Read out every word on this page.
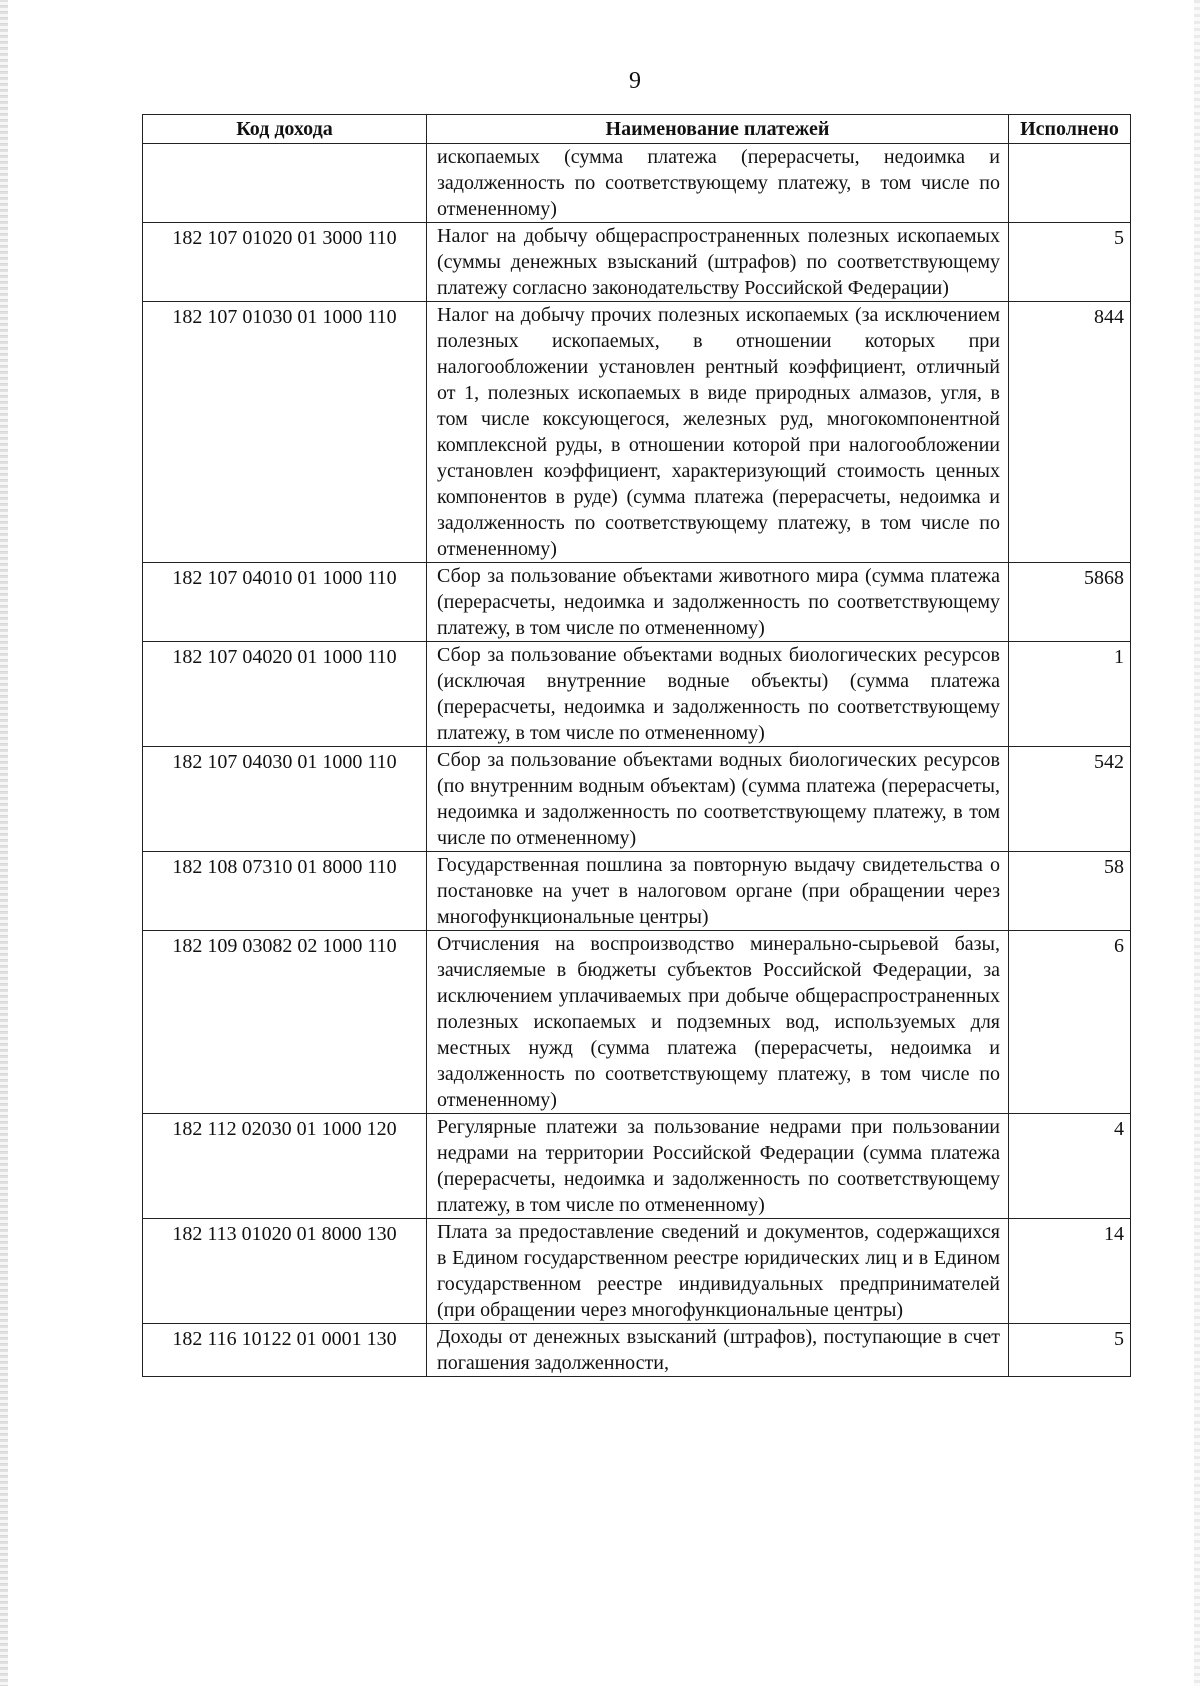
9
Код дохода	Наименование платежей	Исполнено
	ископаемых (сумма платежа (перерасчеты, недоимка и задолженность по соответствующему платежу, в том числе по отмененному)	
182 107 01020 01 3000 110	Налог на добычу общераспространенных полезных ископаемых (суммы денежных взысканий (штрафов) по соответствующему платежу согласно законодательству Российской Федерации)	5
182 107 01030 01 1000 110	Налог на добычу прочих полезных ископаемых (за исключением полезных ископаемых, в отношении которых при налогообложении установлен рентный коэффициент, отличный от 1, полезных ископаемых в виде природных алмазов, угля, в том числе коксующегося, железных руд, многокомпонентной комплексной руды, в отношении которой при налогообложении установлен коэффициент, характеризующий стоимость ценных компонентов в руде) (сумма платежа (перерасчеты, недоимка и задолженность по соответствующему платежу, в том числе по отмененному)	844
182 107 04010 01 1000 110	Сбор за пользование объектами животного мира (сумма платежа (перерасчеты, недоимка и задолженность по соответствующему платежу, в том числе по отмененному)	5868
182 107 04020 01 1000 110	Сбор за пользование объектами водных биологических ресурсов (исключая внутренние водные объекты) (сумма платежа (перерасчеты, недоимка и задолженность по соответствующему платежу, в том числе по отмененному)	1
182 107 04030 01 1000 110	Сбор за пользование объектами водных биологических ресурсов (по внутренним водным объектам) (сумма платежа (перерасчеты, недоимка и задолженность по соответствующему платежу, в том числе по отмененному)	542
182 108 07310 01 8000 110	Государственная пошлина за повторную выдачу свидетельства о постановке на учет в налоговом органе (при обращении через многофункциональные центры)	58
182 109 03082 02 1000 110	Отчисления на воспроизводство минерально-сырьевой базы, зачисляемые в бюджеты субъектов Российской Федерации, за исключением уплачиваемых при добыче общераспространенных полезных ископаемых и подземных вод, используемых для местных нужд (сумма платежа (перерасчеты, недоимка и задолженность по соответствующему платежу, в том числе по отмененному)	6
182 112 02030 01 1000 120	Регулярные платежи за пользование недрами при пользовании недрами на территории Российской Федерации (сумма платежа (перерасчеты, недоимка и задолженность по соответствующему платежу, в том числе по отмененному)	4
182 113 01020 01 8000 130	Плата за предоставление сведений и документов, содержащихся в Едином государственном реестре юридических лиц и в Едином государственном реестре индивидуальных предпринимателей (при обращении через многофункциональные центры)	14
182 116 10122 01 0001 130	Доходы от денежных взысканий (штрафов), поступающие в счет погашения задолженности,	5
